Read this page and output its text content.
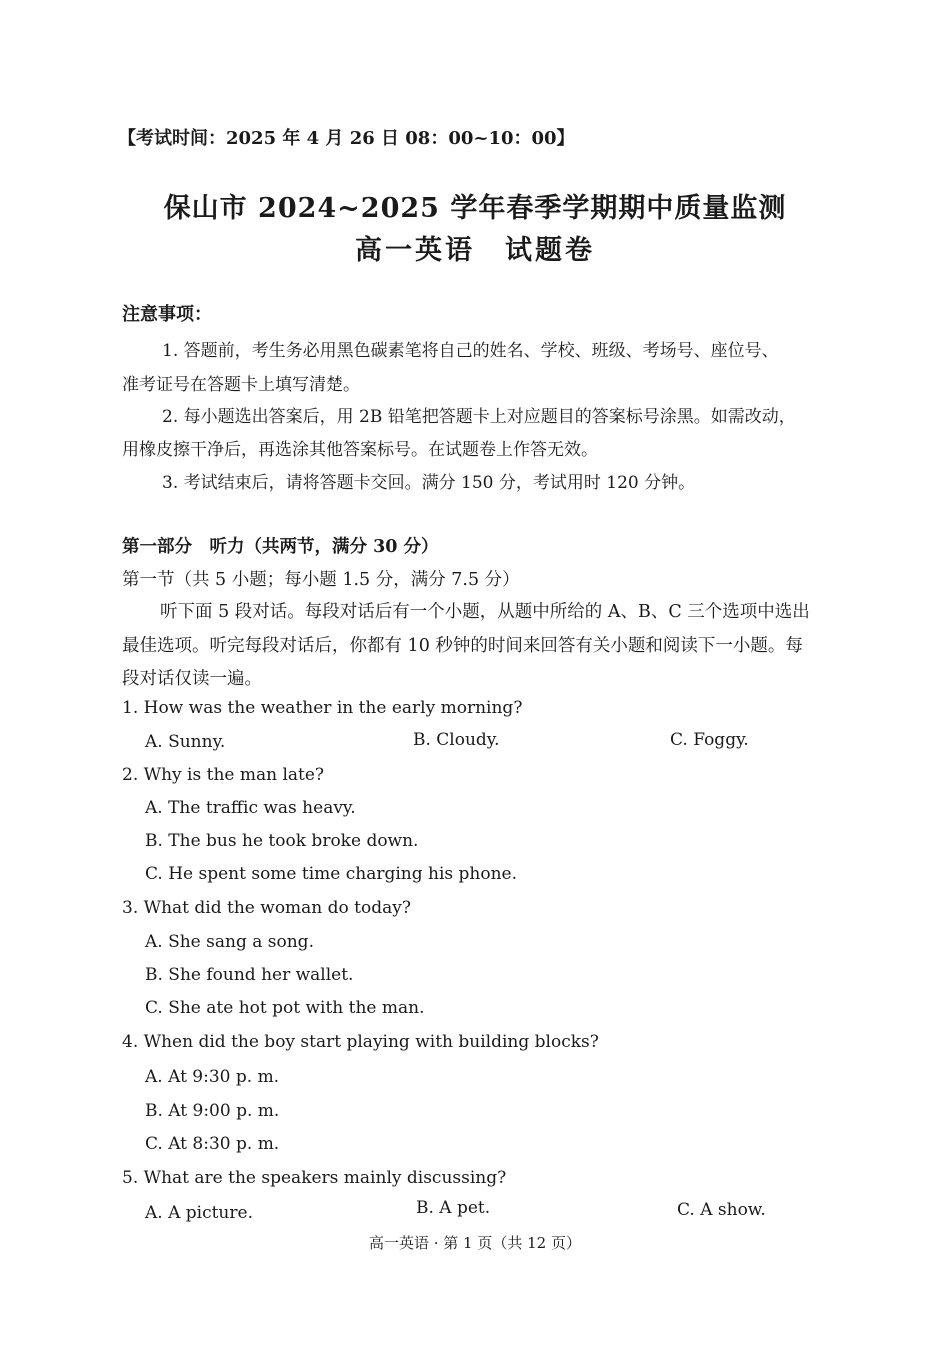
【考试时间：2025 年 4 月 26 日 08：00~10：00】
保山市 2024~2025 学年春季学期期中质量监测
高一英语　试题卷
注意事项：
1. 答题前，考生务必用黑色碳素笔将自己的姓名、学校、班级、考场号、座位号、
准考证号在答题卡上填写清楚。
2. 每小题选出答案后，用 2B 铅笔把答题卡上对应题目的答案标号涂黑。如需改动，
用橡皮擦干净后，再选涂其他答案标号。在试题卷上作答无效。
3. 考试结束后，请将答题卡交回。满分 150 分，考试用时 120 分钟。
第一部分　听力（共两节，满分 30 分）
第一节（共 5 小题；每小题 1.5 分，满分 7.5 分）
听下面 5 段对话。每段对话后有一个小题，从题中所给的 A、B、C 三个选项中选出
最佳选项。听完每段对话后，你都有 10 秒钟的时间来回答有关小题和阅读下一小题。每
段对话仅读一遍。
1. How was the weather in the early morning?
A. Sunny.	B. Cloudy.	C. Foggy.
2. Why is the man late?
A. The traffic was heavy.
B. The bus he took broke down.
C. He spent some time charging his phone.
3. What did the woman do today?
A. She sang a song.
B. She found her wallet.
C. She ate hot pot with the man.
4. When did the boy start playing with building blocks?
A. At 9:30 p. m.
B. At 9:00 p. m.
C. At 8:30 p. m.
5. What are the speakers mainly discussing?
A. A picture.	B. A pet.	C. A show.
高一英语 · 第 1 页（共 12 页）
